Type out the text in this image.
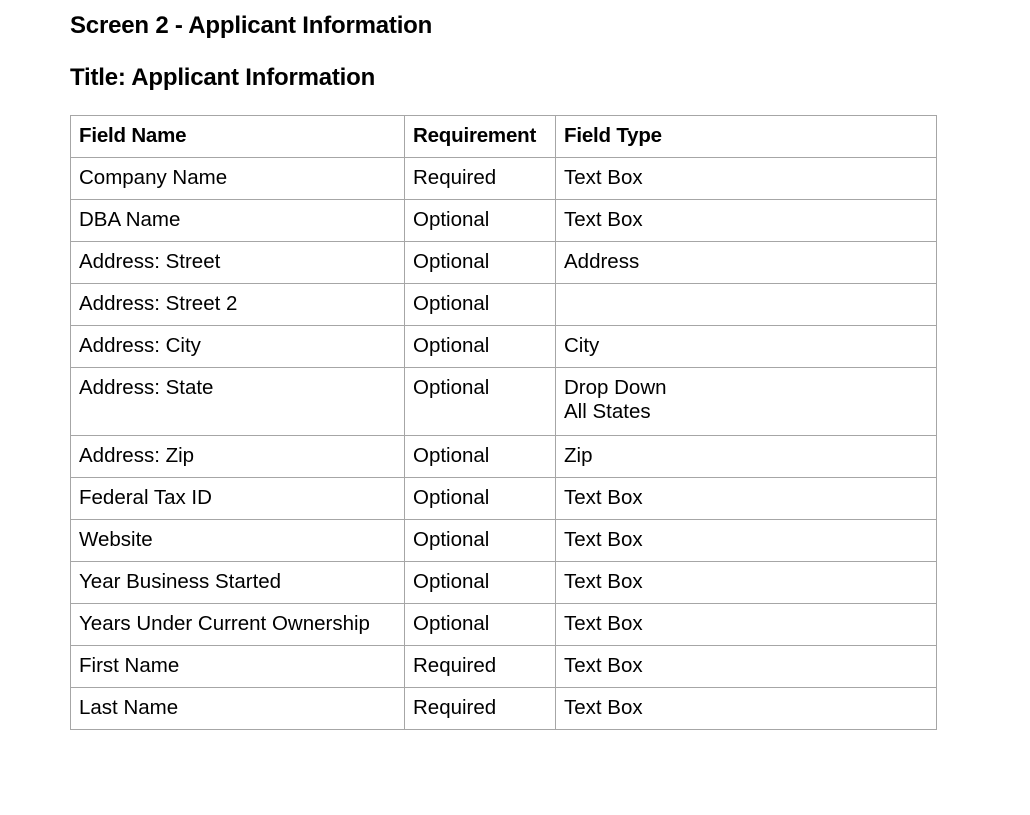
Screen 2 - Applicant Information
Title: Applicant Information
Field Name	Requirement	Field Type
Company Name	Required	Text Box

DBA Name	Optional	Text Box

Address: Street	Optional	Address

Address: Street 2	Optional	

Address: City	Optional	City

Address: State	Optional	Drop Down
All States

Address: Zip	Optional	Zip

Federal Tax ID	Optional	Text Box

Website	Optional	Text Box

Year Business Started	Optional	Text Box

Years Under Current Ownership	Optional	Text Box

First Name	Required	Text Box

Last Name	Required	Text Box
